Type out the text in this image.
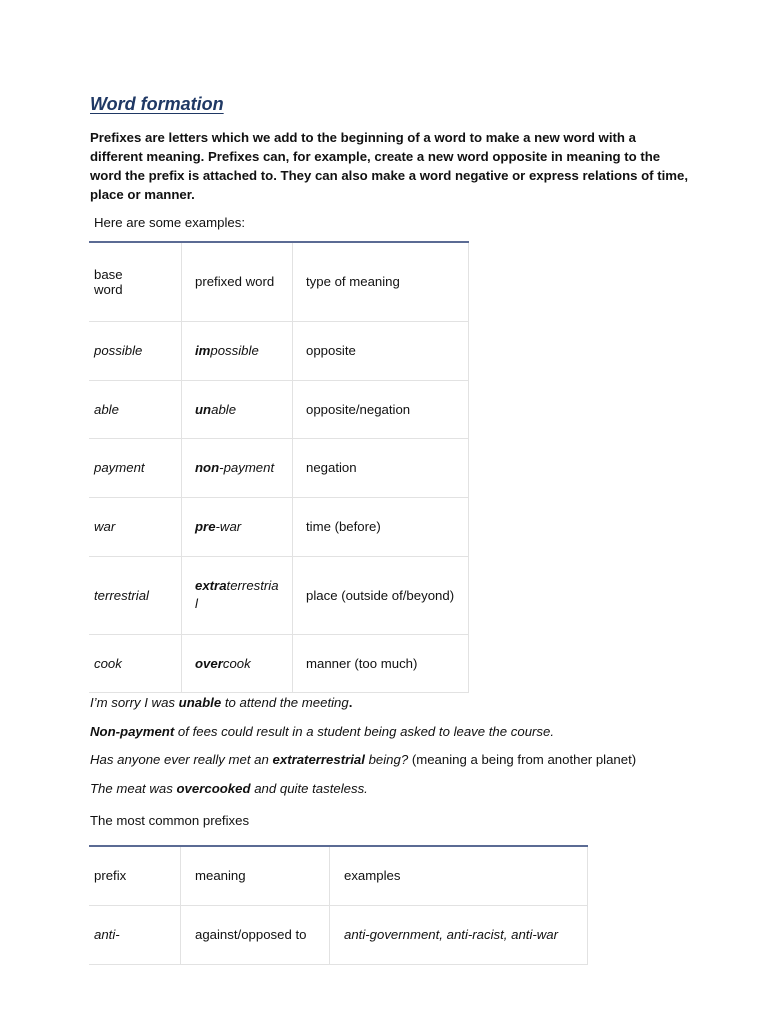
Word formation
Prefixes are letters which we add to the beginning of a word to make a new word with a different meaning. Prefixes can, for example, create a new word opposite in meaning to the word the prefix is attached to. They can also make a word negative or express relations of time, place or manner.
Here are some examples:
base word	prefixed word	type of meaning
possible	impossible	opposite
able	unable	opposite/negation
payment	non-payment	negation
war	pre-war	time (before)
terrestrial	extraterrestrial	place (outside of/beyond)
cook	overcook	manner (too much)

I’m sorry I was unable to attend the meeting.

Non-payment of fees could result in a student being asked to leave the course.

Has anyone ever really met an extraterrestrial being? (meaning a being from another planet)

The meat was overcooked and quite tasteless.

The most common prefixes
prefix	meaning	examples
anti-	against/opposed to	anti-government, anti-racist, anti-war
